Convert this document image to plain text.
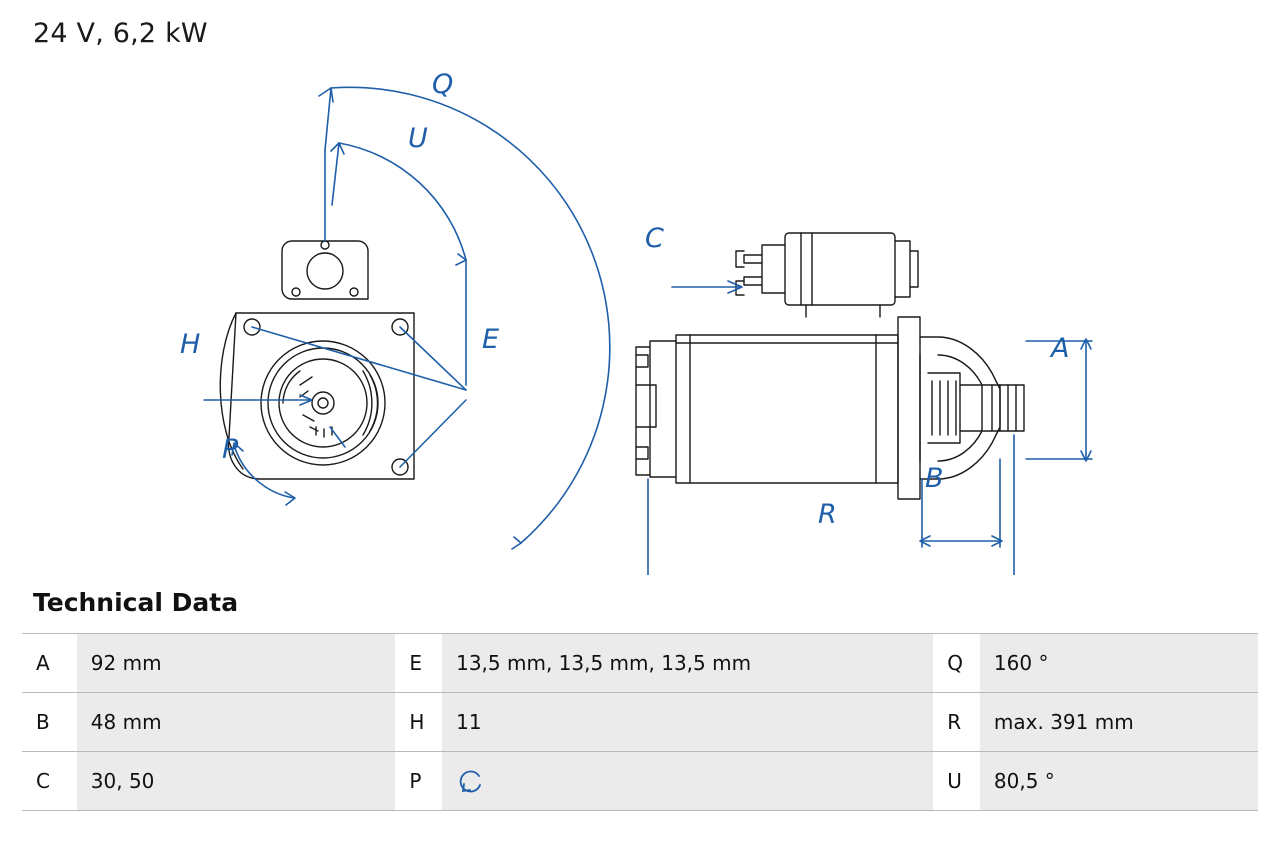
24 V, 6,2 kW
Q
U
E
H
P
C
A
B
R
Technical Data
A	92 mm	E	13,5 mm, 13,5 mm, 13,5 mm	Q	160 °
B	48 mm	H	11	R	max. 391 mm
C	30, 50	P		U	80,5 °
